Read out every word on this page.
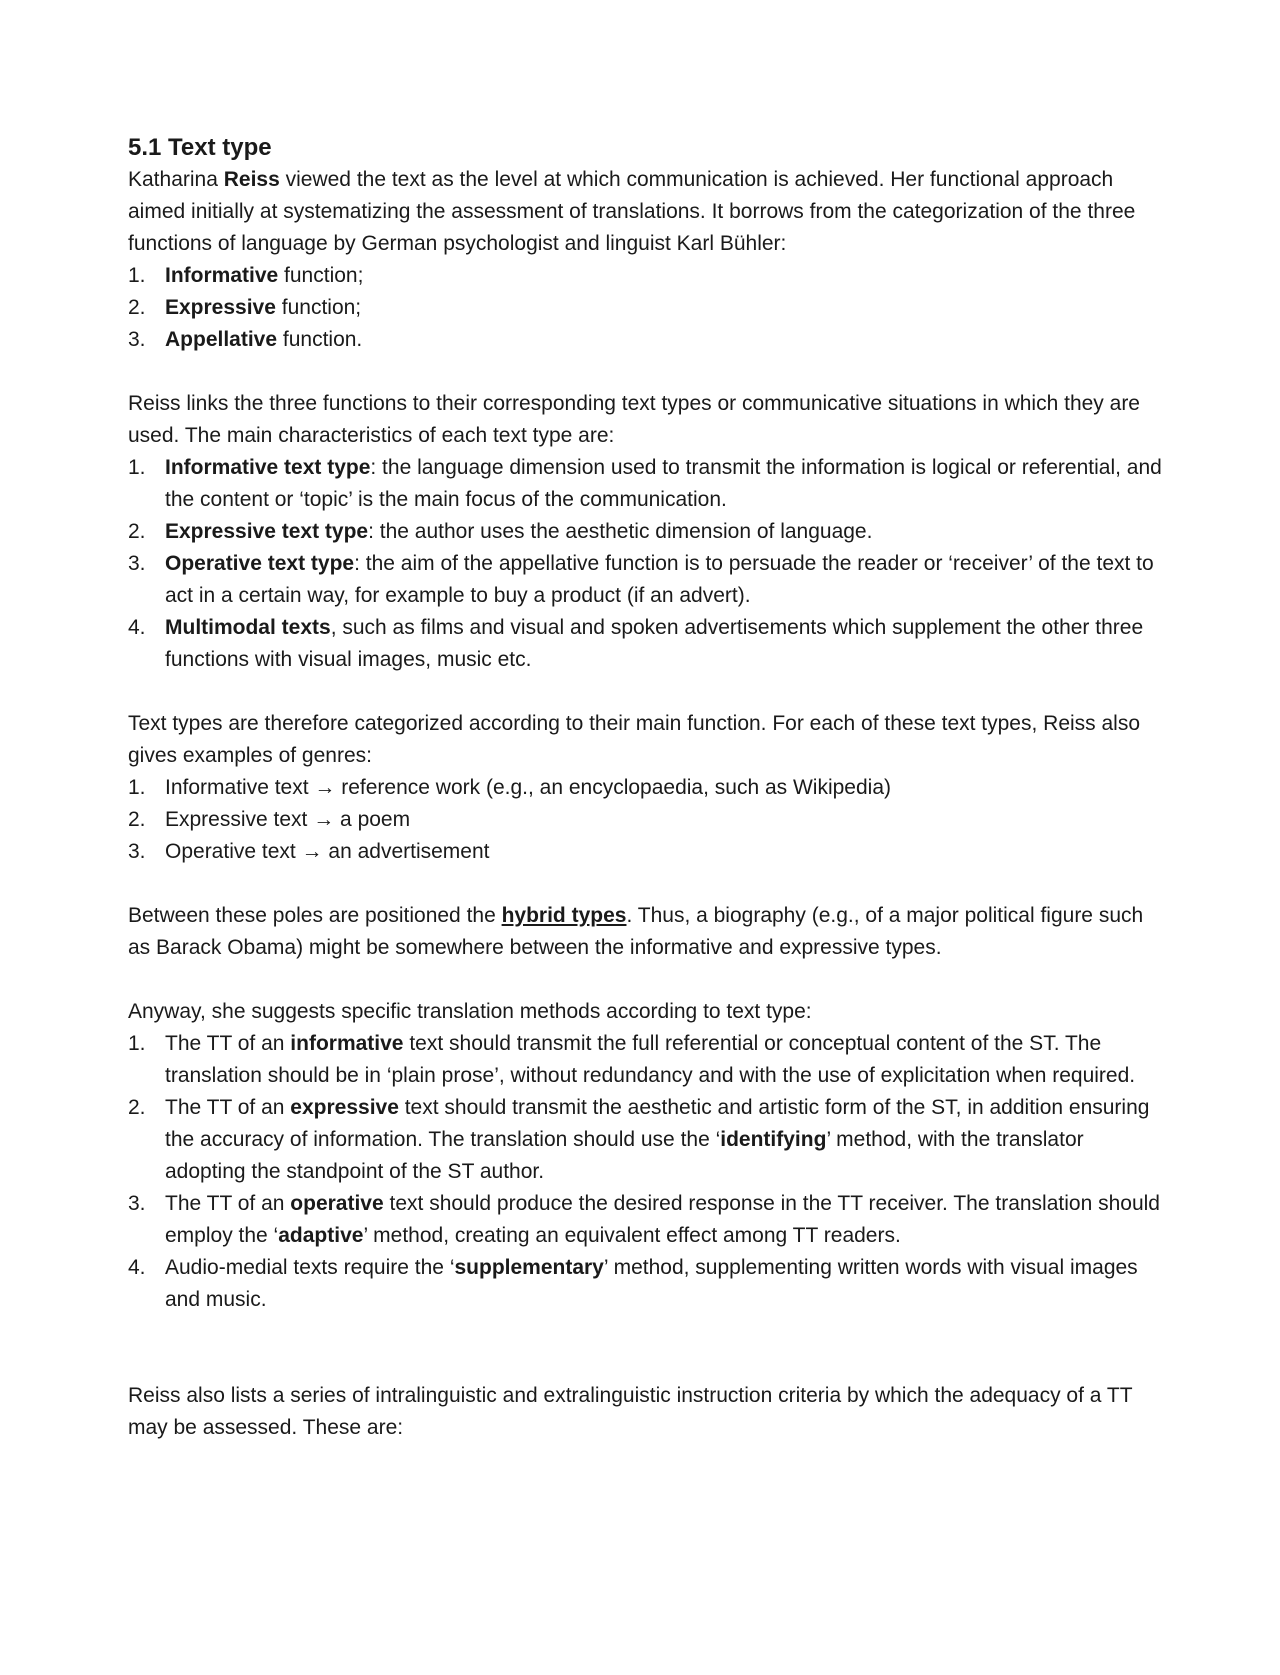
5.1 Text type

Katharina Reiss viewed the text as the level at which communication is achieved. Her functional approach aimed initially at systematizing the assessment of translations. It borrows from the categorization of the three functions of language by German psychologist and linguist Karl Bühler:

1. Informative function;
2. Expressive function;
3. Appellative function.

Reiss links the three functions to their corresponding text types or communicative situations in which they are used. The main characteristics of each text type are:

1. Informative text type: the language dimension used to transmit the information is logical or referential, and the content or ‘topic’ is the main focus of the communication.
2. Expressive text type: the author uses the aesthetic dimension of language.
3. Operative text type: the aim of the appellative function is to persuade the reader or ‘receiver’ of the text to act in a certain way, for example to buy a product (if an advert).
4. Multimodal texts, such as films and visual and spoken advertisements which supplement the other three functions with visual images, music etc.

Text types are therefore categorized according to their main function. For each of these text types, Reiss also gives examples of genres:

1. Informative text → reference work (e.g., an encyclopaedia, such as Wikipedia)
2. Expressive text → a poem
3. Operative text → an advertisement

Between these poles are positioned the hybrid types. Thus, a biography (e.g., of a major political figure such as Barack Obama) might be somewhere between the informative and expressive types.

Anyway, she suggests specific translation methods according to text type:

1. The TT of an informative text should transmit the full referential or conceptual content of the ST. The translation should be in ‘plain prose’, without redundancy and with the use of explicitation when required.
2. The TT of an expressive text should transmit the aesthetic and artistic form of the ST, in addition ensuring the accuracy of information. The translation should use the ‘identifying’ method, with the translator adopting the standpoint of the ST author.
3. The TT of an operative text should produce the desired response in the TT receiver. The translation should employ the ‘adaptive’ method, creating an equivalent effect among TT readers.
4. Audio-medial texts require the ‘supplementary’ method, supplementing written words with visual images and music.

Reiss also lists a series of intralinguistic and extralinguistic instruction criteria by which the adequacy of a TT may be assessed. These are:
